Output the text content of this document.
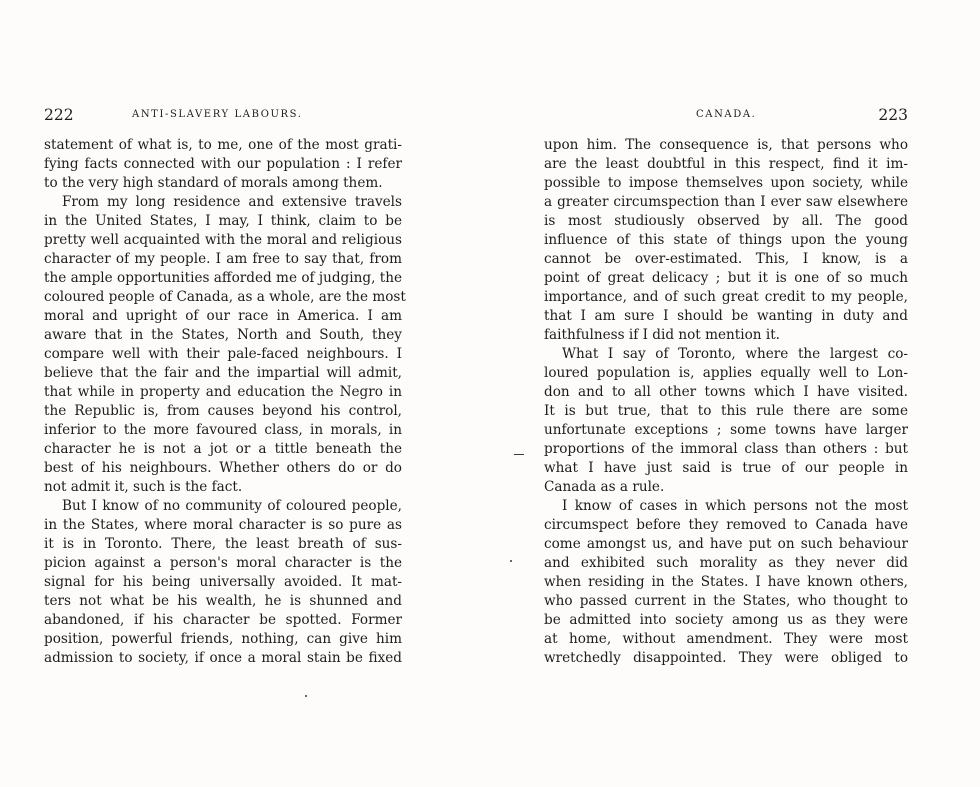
222	ANTI-SLAVERY LABOURS.
statement of what is, to me, one of the most grati-
fying facts connected with our population : I refer
to the very high standard of morals among them.
From my long residence and extensive travels
in the United States, I may, I think, claim to be
pretty well acquainted with the moral and religious
character of my people. I am free to say that, from
the ample opportunities afforded me of judging, the
coloured people of Canada, as a whole, are the most
moral and upright of our race in America. I am
aware that in the States, North and South, they
compare well with their pale-faced neighbours. I
believe that the fair and the impartial will admit,
that while in property and education the Negro in
the Republic is, from causes beyond his control,
inferior to the more favoured class, in morals, in
character he is not a jot or a tittle beneath the
best of his neighbours. Whether others do or do
not admit it, such is the fact.
But I know of no community of coloured people,
in the States, where moral character is so pure as
it is in Toronto. There, the least breath of sus-
picion against a person's moral character is the
signal for his being universally avoided. It mat-
ters not what be his wealth, he is shunned and
abandoned, if his character be spotted. Former
position, powerful friends, nothing, can give him
admission to society, if once a moral stain be fixed
CANADA.	223
upon him. The consequence is, that persons who
are the least doubtful in this respect, find it im-
possible to impose themselves upon society, while
a greater circumspection than I ever saw elsewhere
is most studiously observed by all. The good
influence of this state of things upon the young
cannot be over-estimated. This, I know, is a
point of great delicacy ; but it is one of so much
importance, and of such great credit to my people,
that I am sure I should be wanting in duty and
faithfulness if I did not mention it.
What I say of Toronto, where the largest co-
loured population is, applies equally well to Lon-
don and to all other towns which I have visited.
It is but true, that to this rule there are some
unfortunate exceptions ; some towns have larger
proportions of the immoral class than others : but
what I have just said is true of our people in
Canada as a rule.
I know of cases in which persons not the most
circumspect before they removed to Canada have
come amongst us, and have put on such behaviour
and exhibited such morality as they never did
when residing in the States. I have known others,
who passed current in the States, who thought to
be admitted into society among us as they were
at home, without amendment. They were most
wretchedly disappointed. They were obliged to
